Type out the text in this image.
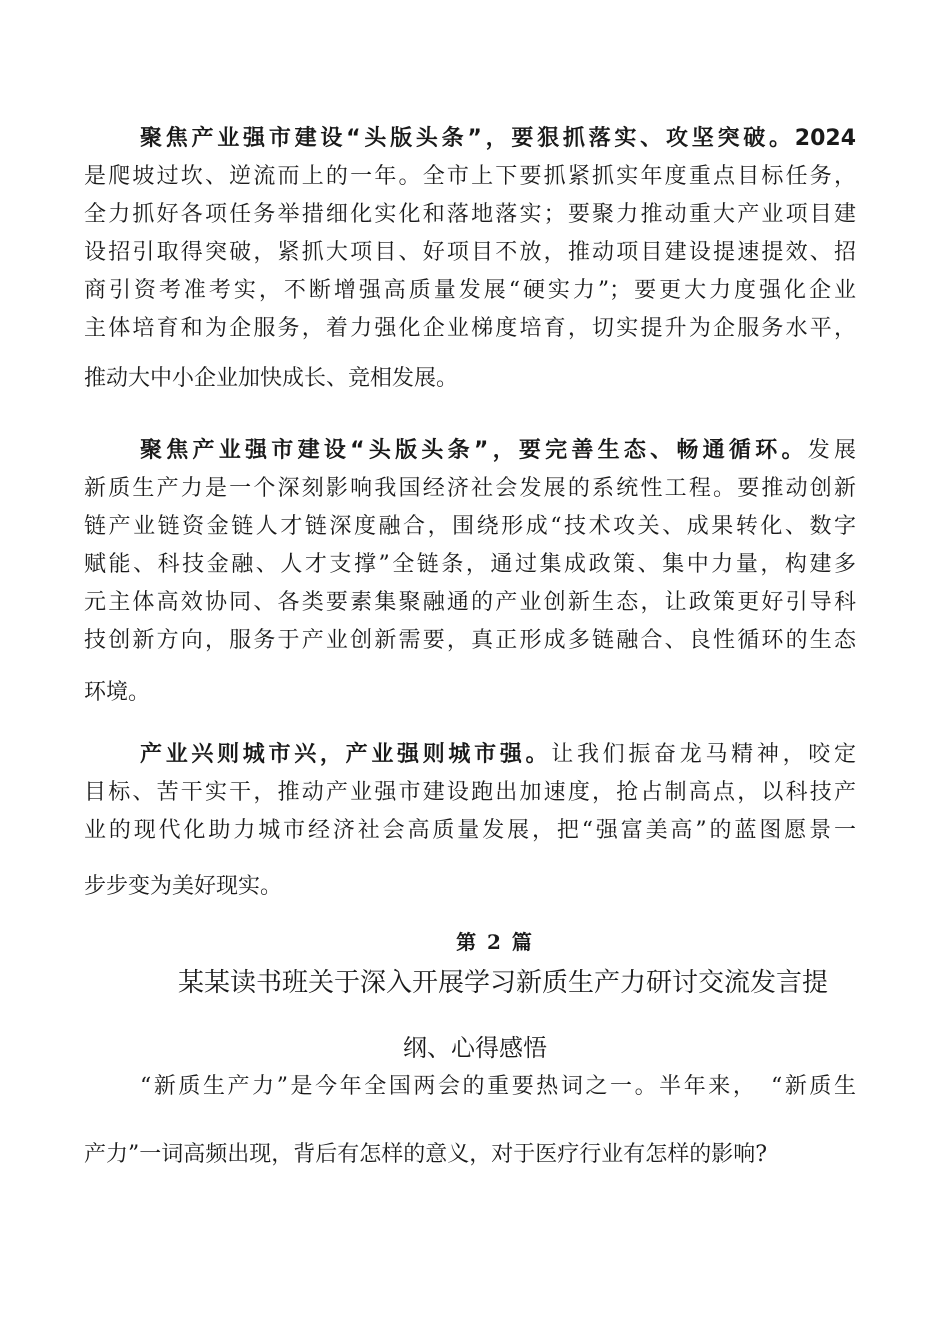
聚焦产业强市建设“头版头条”，要狠抓落实、攻坚突破。2024
是爬坡过坎、逆流而上的一年。全市上下要抓紧抓实年度重点目标任务，
全力抓好各项任务举措细化实化和落地落实；要聚力推动重大产业项目建
设招引取得突破，紧抓大项目、好项目不放，推动项目建设提速提效、招
商引资考准考实，不断增强高质量发展“硬实力”；要更大力度强化企业
主体培育和为企服务，着力强化企业梯度培育，切实提升为企服务水平，
推动大中小企业加快成长、竞相发展。
聚焦产业强市建设“头版头条”，要完善生态、畅通循环。发展
新质生产力是一个深刻影响我国经济社会发展的系统性工程。要推动创新
链产业链资金链人才链深度融合，围绕形成“技术攻关、成果转化、数字
赋能、科技金融、人才支撑”全链条，通过集成政策、集中力量，构建多
元主体高效协同、各类要素集聚融通的产业创新生态，让政策更好引导科
技创新方向，服务于产业创新需要，真正形成多链融合、良性循环的生态
环境。
产业兴则城市兴，产业强则城市强。让我们振奋龙马精神，咬定
目标、苦干实干，推动产业强市建设跑出加速度，抢占制高点，以科技产
业的现代化助力城市经济社会高质量发展，把“强富美高”的蓝图愿景一
步步变为美好现实。
第 2 篇
某某读书班关于深入开展学习新质生产力研讨交流发言提
纲、心得感悟
“新质生产力”是今年全国两会的重要热词之一。半年来，　“新质生
产力”一词高频出现，背后有怎样的意义，对于医疗行业有怎样的影响?
